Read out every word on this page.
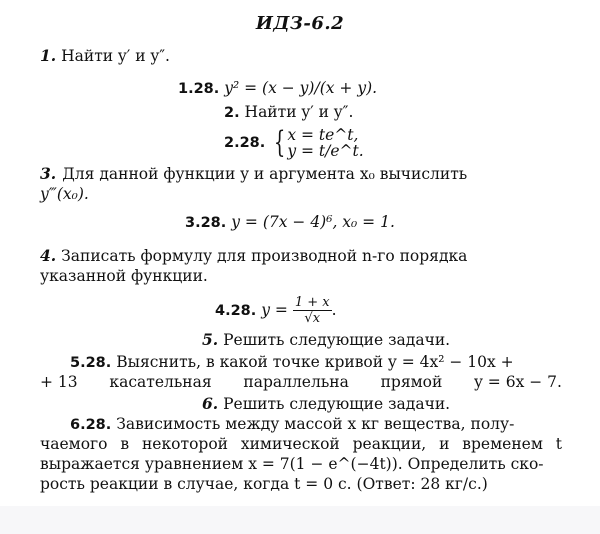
ИДЗ-6.2
1. Найти y′ и y″.
1.28. y² = (x − y)/(x + y).
2. Найти y′ и y″.
2.28. { x = te^t,
y = t/e^t.
3. Для данной функции y и аргумента x₀ вычислить
y‴(x₀).
3.28. y = (7x − 4)⁶, x₀ = 1.
4. Записать формулу для производной n-го порядка
указанной функции.
4.28. $y = \frac{1 + x}{√x}$ .
5. Решить следующие задачи.
5.28. Выяснить, в какой точке кривой y = 4x² − 10x +
+ 13 касательная параллельна прямой y = 6x − 7.
6. Решить следующие задачи.
6.28. Зависимость между массой x кг вещества, полу-
чаемого в некоторой химической реакции, и временем t
выражается уравнением x = 7(1 − e^(−4t)). Определить ско-
рость реакции в случае, когда t = 0 с. (Ответ: 28 кг/с.)
